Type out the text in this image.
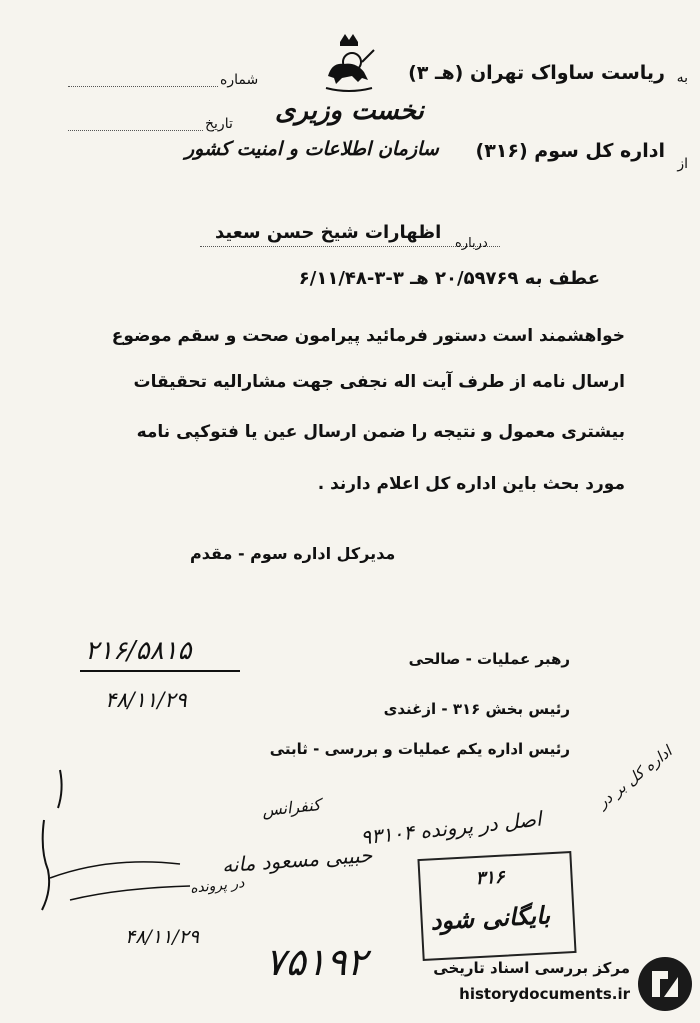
نخست وزیری
سازمان اطلاعات و امنیت کشور
به
ریاست ساواک تهران (هـ ۳)
اداره کل سوم (۳۱۶)
از
شماره
تاریخ
اظهارات شیخ حسن سعید
درباره
عطف به ۲۰/۵۹۷۶۹ هـ ۳-۳-۶/۱۱/۴۸
خواهشمند است دستور فرمائید پیرامون صحت و سقم موضوع
ارسال نامه از طرف آیت اله نجفی جهت مشارالیه تحقیقات
بیشتری معمول و نتیجه را ضمن ارسال عین یا فتوکپی نامه
مورد بحث باین اداره کل اعلام دارند .
مدیرکل اداره سوم - مقدم
۲۱۶/۵۸۱۵
۴۸/۱۱/۲۹
رهبر عملیات - صالحی
رئیس بخش ۳۱۶ - ازغندی
رئیس اداره یکم عملیات و بررسی - ثابتی
کنفرانس
اصل در پرونده ۹۳۱۰۴
اداره کل بر در
حبیبی مسعود مانه
در پرونده
۴۸/۱۱/۲۹
۷۵۱۹۲
۳۱۶
بایگانی شود
مرکز بررسی اسناد تاریخی
historydocuments.ir
